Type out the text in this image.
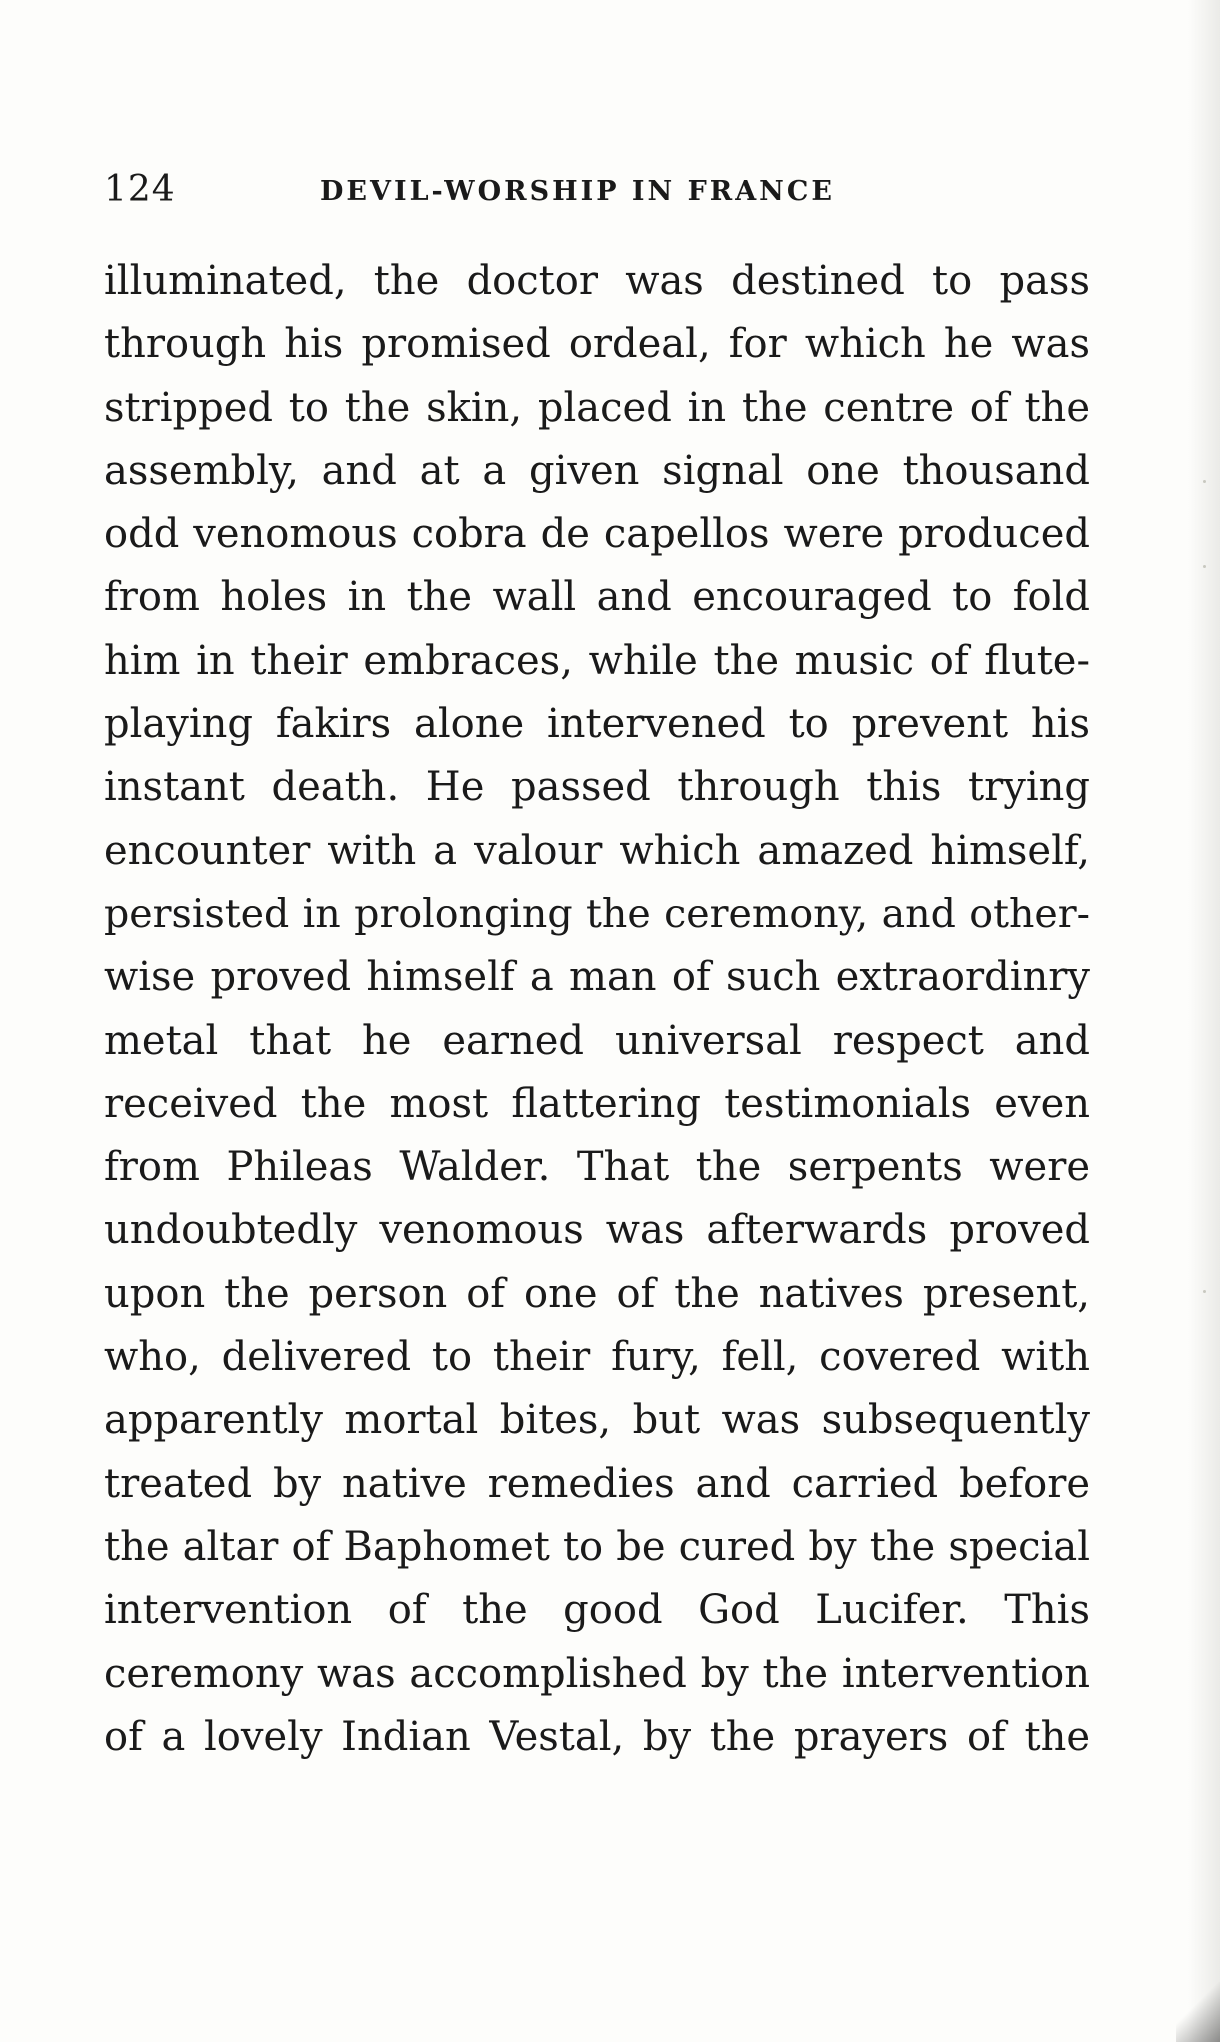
124	DEVIL-WORSHIP IN FRANCE
illuminated, the doctor was destined to pass
through his promised ordeal, for which he was
stripped to the skin, placed in the centre of the
assembly, and at a given signal one thousand
odd venomous cobra de capellos were produced
from holes in the wall and encouraged to fold
him in their embraces, while the music of flute-
playing fakirs alone intervened to prevent his
instant death. He passed through this trying
encounter with a valour which amazed himself,
persisted in prolonging the ceremony, and other-
wise proved himself a man of such extraordinry
metal that he earned universal respect and
received the most flattering testimonials even
from Phileas Walder. That the serpents were
undoubtedly venomous was afterwards proved
upon the person of one of the natives present,
who, delivered to their fury, fell, covered with
apparently mortal bites, but was subsequently
treated by native remedies and carried before
the altar of Baphomet to be cured by the special
intervention of the good God Lucifer. This
ceremony was accomplished by the intervention
of a lovely Indian Vestal, by the prayers of the
